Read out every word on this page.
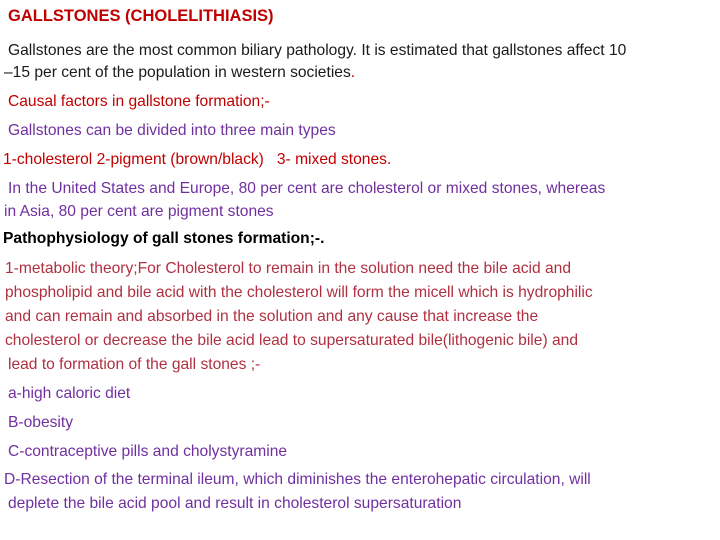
GALLSTONES (CHOLELITHIASIS)
Gallstones are the most common biliary pathology. It is estimated that gallstones affect 10
–15 per cent of the population in western societies.
Causal factors in gallstone formation;-
Gallstones can be divided into three main types
1-cholesterol 2-pigment (brown/black)   3- mixed stones.
In the United States and Europe, 80 per cent are cholesterol or mixed stones, whereas
in Asia, 80 per cent are pigment stones
Pathophysiology of gall stones formation;-.
1-metabolic theory;For Cholesterol to remain in the solution need the bile acid and
phospholipid and bile acid with the cholesterol will form the micell which is hydrophilic
and can remain and absorbed in the solution and any cause that increase the
cholesterol or decrease the bile acid lead to supersaturated bile(lithogenic bile) and
lead to formation of the gall stones ;-
a-high caloric diet
B-obesity
C-contraceptive pills and cholystyramine
D-Resection of the terminal ileum, which diminishes the enterohepatic circulation, will
deplete the bile acid pool and result in cholesterol supersaturation
